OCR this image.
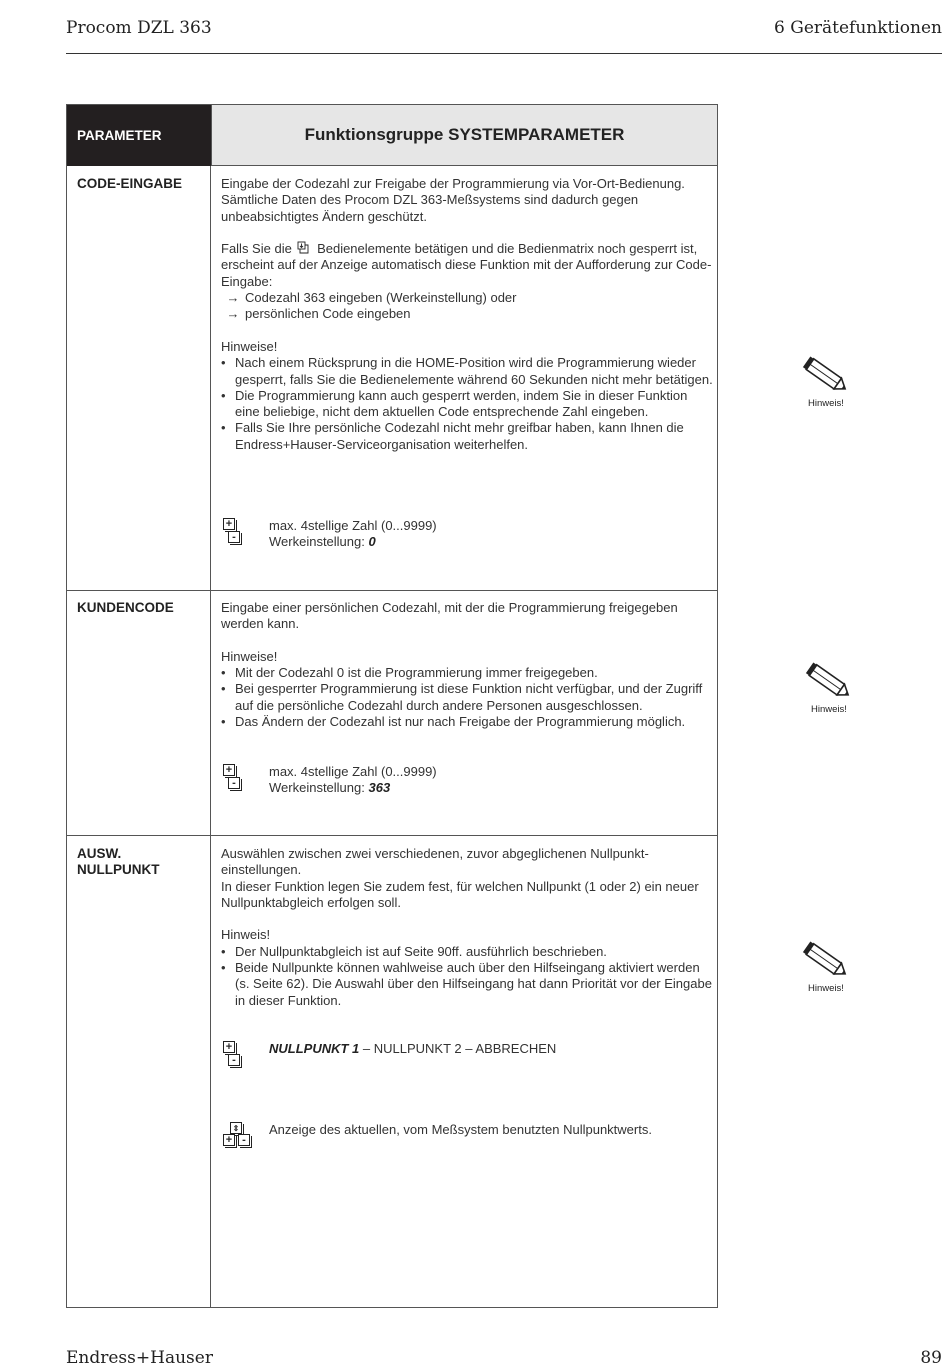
Procom DZL 363	6 Gerätefunktionen
PARAMETER	Funktionsgruppe SYSTEMPARAMETER
CODE-EINGABE	Eingabe der Codezahl zur Freigabe der Programmierung via Vor-Ort-Bedienung. Sämtliche Daten des Procom DZL 363-Meßsystems sind dadurch gegen unbeabsichtigtes Ändern geschützt.

Falls Sie die Bedienelemente betätigen und die Bedienmatrix noch gesperrt ist, erscheint auf der Anzeige automatisch diese Funktion mit der Aufforderung zur Code-Eingabe:

→ Codezahl 363 eingeben (Werkeinstellung) oder
→ persönlichen Code eingeben

Hinweise!

• Nach einem Rücksprung in die HOME-Position wird die Programmierung wieder gesperrt, falls Sie die Bedienelemente während 60 Sekunden nicht mehr betätigen.
• Die Programmierung kann auch gesperrt werden, indem Sie in dieser Funktion eine beliebige, nicht dem aktuellen Code entsprechende Zahl eingeben.
• Falls Sie Ihre persönliche Codezahl nicht mehr greifbar haben, kann Ihnen die Endress+Hauser-Serviceorganisation weiterhelfen.
+
-
max. 4stellige Zahl (0...9999)
Werkeinstellung: 0
KUNDENCODE	Eingabe einer persönlichen Codezahl, mit der die Programmierung freigegeben werden kann.

Hinweise!

• Mit der Codezahl 0 ist die Programmierung immer freigegeben.
• Bei gesperrter Programmierung ist diese Funktion nicht verfügbar, und der Zugriff auf die persönliche Codezahl durch andere Personen ausgeschlossen.
• Das Ändern der Codezahl ist nur nach Freigabe der Programmierung möglich.
+
-
max. 4stellige Zahl (0...9999)
Werkeinstellung: 363
AUSW.
NULLPUNKT

Auswählen zwischen zwei verschiedenen, zuvor abgeglichenen Nullpunkt-einstellungen.

In dieser Funktion legen Sie zudem fest, für welchen Nullpunkt (1 oder 2) ein neuer Nullpunktabgleich erfolgen soll.

Hinweis!

• Der Nullpunktabgleich ist auf Seite 90ff. ausführlich beschrieben.
• Beide Nullpunkte können wahlweise auch über den Hilfseingang aktiviert werden (s. Seite 62). Die Auswahl über den Hilfseingang hat dann Priorität vor der Eingabe in dieser Funktion.
+
-
NULLPUNKT 1 – NULLPUNKT 2 – ABBRECHEN
⇕
+ -
Anzeige des aktuellen, vom Meßsystem benutzten Nullpunktwerts.
Hinweis!
Hinweis!
Hinweis!
Endress+Hauser	89
